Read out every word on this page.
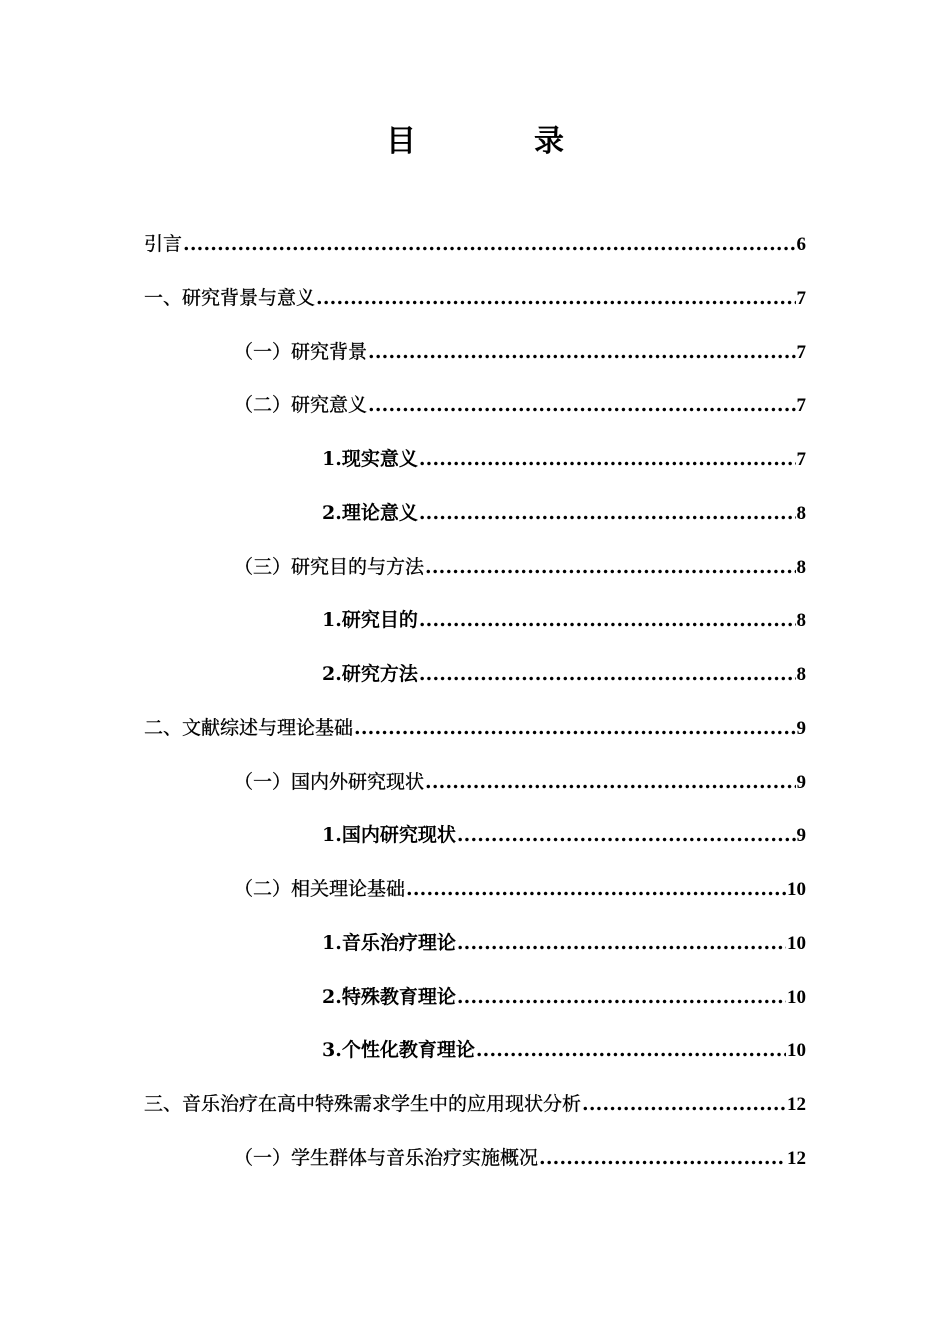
目　录
引言 .....	6
一、研究背景与意义 .....	7
（一）研究背景 .....	7
（二）研究意义 .....	7
1.现实意义 .....	7
2.理论意义 .....	8
（三）研究目的与方法 .....	8
1.研究目的 .....	8
2.研究方法 .....	8
二、文献综述与理论基础 .....	9
（一）国内外研究现状 .....	9
1.国内研究现状 .....	9
（二）相关理论基础 .....	10
1.音乐治疗理论 .....	10
2.特殊教育理论 .....	10
3.个性化教育理论 .....	10
三、音乐治疗在高中特殊需求学生中的应用现状分析 .....	12
（一）学生群体与音乐治疗实施概况 .....	12
